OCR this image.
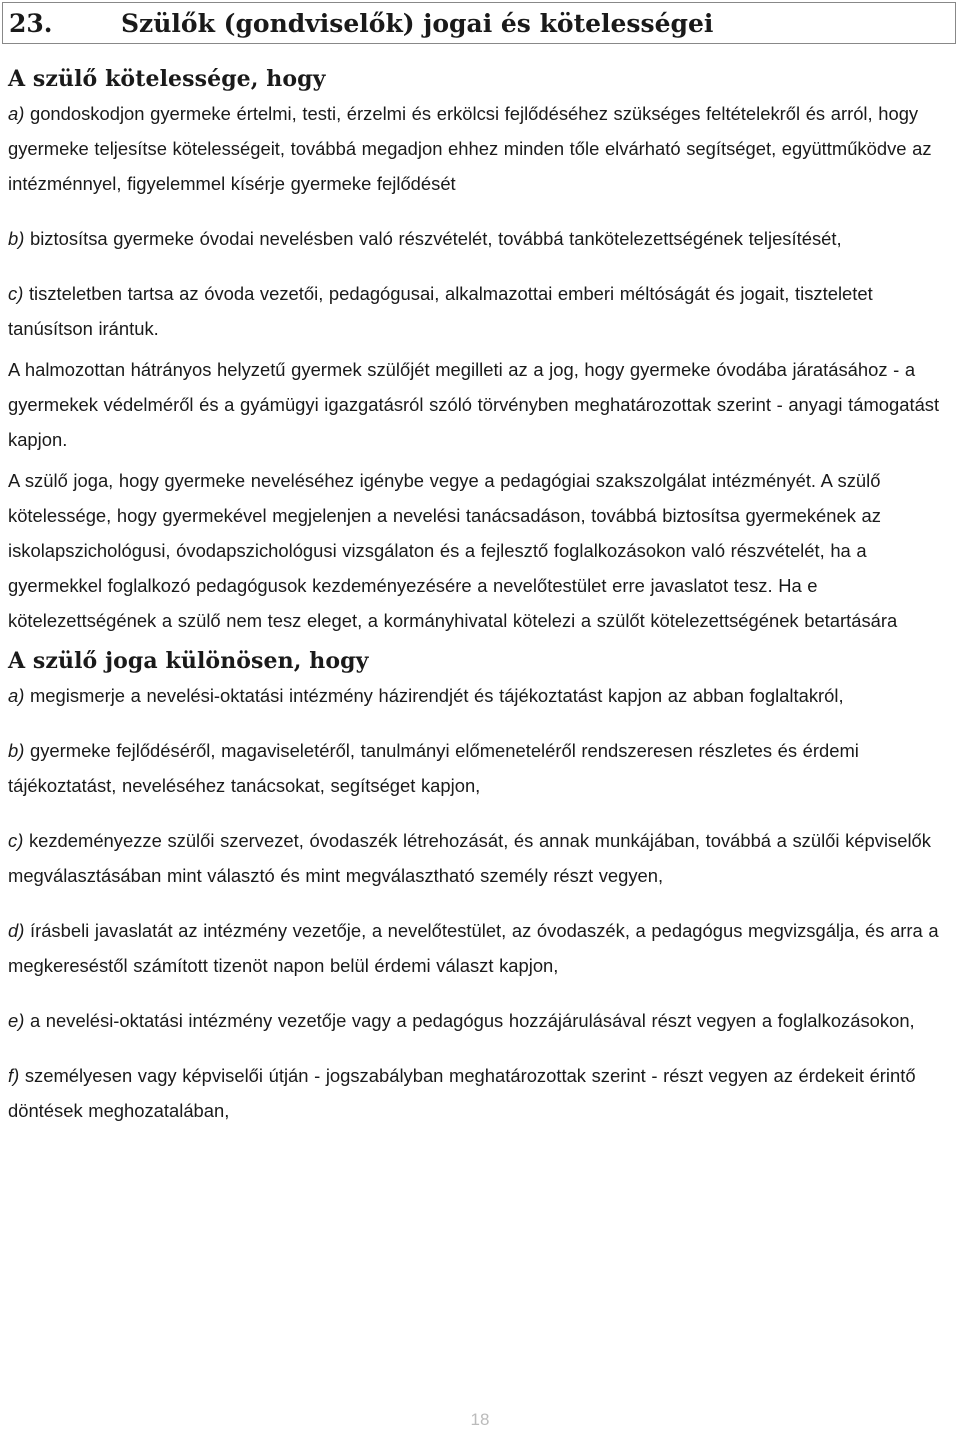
23.	Szülők (gondviselők) jogai és kötelességei
A szülő kötelessége, hogy

a) gondoskodjon gyermeke értelmi, testi, érzelmi és erkölcsi fejlődéséhez szükséges feltételekről és arról, hogy gyermeke teljesítse kötelességeit, továbbá megadjon ehhez minden tőle elvárható segítséget, együttműködve az intézménnyel, figyelemmel kísérje gyermeke fejlődését

b) biztosítsa gyermeke óvodai nevelésben való részvételét, továbbá tankötelezettségének teljesítését,

c) tiszteletben tartsa az óvoda vezetői, pedagógusai, alkalmazottai emberi méltóságát és jogait, tiszteletet tanúsítson irántuk.

A halmozottan hátrányos helyzetű gyermek szülőjét megilleti az a jog, hogy gyermeke óvodába járatásához - a gyermekek védelméről és a gyámügyi igazgatásról szóló törvényben meghatározottak szerint - anyagi támogatást kapjon.

A szülő joga, hogy gyermeke neveléséhez igénybe vegye a pedagógiai szakszolgálat intézményét. A szülő kötelessége, hogy gyermekével megjelenjen a nevelési tanácsadáson, továbbá biztosítsa gyermekének az iskolapszichológusi, óvodapszichológusi vizsgálaton és a fejlesztő foglalkozásokon való részvételét, ha a gyermekkel foglalkozó pedagógusok kezdeményezésére a nevelőtestület erre javaslatot tesz. Ha e kötelezettségének a szülő nem tesz eleget, a kormányhivatal kötelezi a szülőt kötelezettségének betartására

A szülő joga különösen, hogy

a) megismerje a nevelési-oktatási intézmény házirendjét és tájékoztatást kapjon az abban foglaltakról,

b) gyermeke fejlődéséről, magaviseletéről, tanulmányi előmeneteléről rendszeresen részletes és érdemi tájékoztatást, neveléséhez tanácsokat, segítséget kapjon,

c) kezdeményezze szülői szervezet, óvodaszék létrehozását, és annak munkájában, továbbá a szülői képviselők megválasztásában mint választó és mint megválasztható személy részt vegyen,

d) írásbeli javaslatát az intézmény vezetője, a nevelőtestület, az óvodaszék, a pedagógus megvizsgálja, és arra a megkereséstől számított tizenöt napon belül érdemi választ kapjon,

e) a nevelési-oktatási intézmény vezetője vagy a pedagógus hozzájárulásával részt vegyen a foglalkozásokon,

f) személyesen vagy képviselői útján - jogszabályban meghatározottak szerint - részt vegyen az érdekeit érintő döntések meghozatalában,

18
